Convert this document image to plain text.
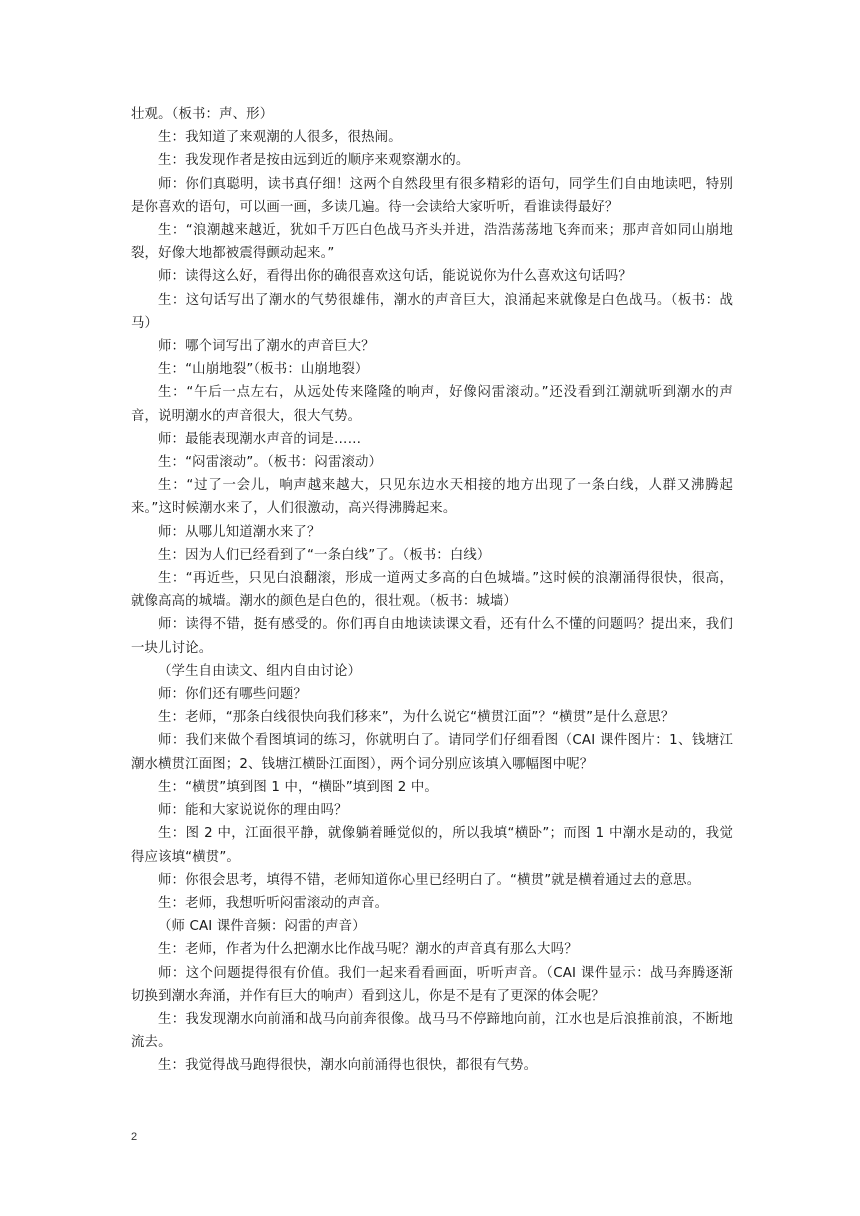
壮观。（板书：声、形）

生：我知道了来观潮的人很多，很热闹。

生：我发现作者是按由远到近的顺序来观察潮水的。

师：你们真聪明，读书真仔细！这两个自然段里有很多精彩的语句，同学生们自由地读吧，特别是你喜欢的语句，可以画一画，多读几遍。待一会读给大家听听，看谁读得最好？

生：“浪潮越来越近，犹如千万匹白色战马齐头并进，浩浩荡荡地飞奔而来；那声音如同山崩地裂，好像大地都被震得颤动起来。”

师：读得这么好，看得出你的确很喜欢这句话，能说说你为什么喜欢这句话吗？

生：这句话写出了潮水的气势很雄伟，潮水的声音巨大，浪涌起来就像是白色战马。（板书：战马）

师：哪个词写出了潮水的声音巨大？

生：“山崩地裂”（板书：山崩地裂）

生：“午后一点左右，从远处传来隆隆的响声，好像闷雷滚动。”还没看到江潮就听到潮水的声音，说明潮水的声音很大，很大气势。

师：最能表现潮水声音的词是……

生：“闷雷滚动”。（板书：闷雷滚动）

生：“过了一会儿，响声越来越大，只见东边水天相接的地方出现了一条白线，人群又沸腾起来。”这时候潮水来了，人们很激动，高兴得沸腾起来。

师：从哪儿知道潮水来了？

生：因为人们已经看到了“一条白线”了。（板书：白线）

生：“再近些，只见白浪翻滚，形成一道两丈多高的白色城墙。”这时候的浪潮涌得很快，很高，就像高高的城墙。潮水的颜色是白色的，很壮观。（板书：城墙）

师：读得不错，挺有感受的。你们再自由地读读课文看，还有什么不懂的问题吗？提出来，我们一块儿讨论。

（学生自由读文、组内自由讨论）

师：你们还有哪些问题？

生：老师，“那条白线很快向我们移来”，为什么说它“横贯江面”？“横贯”是什么意思？

师：我们来做个看图填词的练习，你就明白了。请同学们仔细看图（CAI 课件图片：1、钱塘江潮水横贯江面图；2、钱塘江横卧江面图），两个词分别应该填入哪幅图中呢？

生：“横贯”填到图 1 中，“横卧”填到图 2 中。

师：能和大家说说你的理由吗？

生：图 2 中，江面很平静，就像躺着睡觉似的，所以我填“横卧”；而图 1 中潮水是动的，我觉得应该填“横贯”。

师：你很会思考，填得不错，老师知道你心里已经明白了。“横贯”就是横着通过去的意思。

生：老师，我想听听闷雷滚动的声音。

（师 CAI 课件音频：闷雷的声音）

生：老师，作者为什么把潮水比作战马呢？潮水的声音真有那么大吗？

师：这个问题提得很有价值。我们一起来看看画面，听听声音。（CAI 课件显示：战马奔腾逐渐切换到潮水奔涌，并作有巨大的响声）看到这儿，你是不是有了更深的体会呢？

生：我发现潮水向前涌和战马向前奔很像。战马马不停蹄地向前，江水也是后浪推前浪，不断地流去。

生：我觉得战马跑得很快，潮水向前涌得也很快，都很有气势。

2
